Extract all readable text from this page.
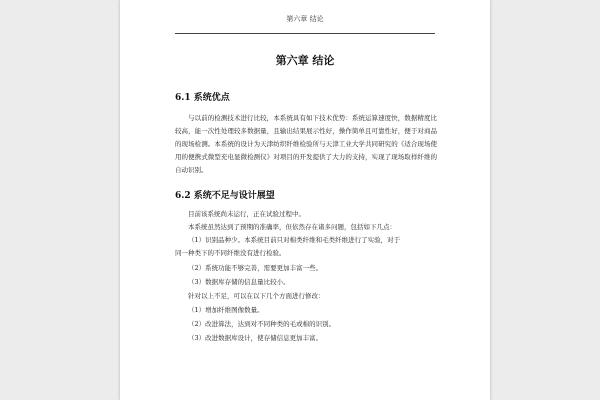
第六章 结论
第六章 结论
6.1 系统优点
与以前的检测技术进行比较，本系统具有如下技术优势：系统运算速度快，数据精度比较高，能一次性处理较多数据量，且输出结果展示性好，操作简单且可靠性好，便于对商品的现场检测。本系统的设计为天津纺织纤维检验所与天津工业大学共同研究的《适合现场使用的便携式微型充电显微检测仪》对项目的开发提供了大力的支持，实现了现场取样纤维的自动识别。
6.2 系统不足与设计展望
目前该系统尚未运行，正在试验过程中。
本系统虽然达到了预期的准确率，但依然存在诸多问题，包括如下几点：
（1）识别品种少。本系统目前只对棉类纤维和毛类纤维进行了实验，对于
同一种类下的不同纤维没有进行检验。
（2）系统功能不够完善，需要更加丰富一些。
（3）数据库存储的信息量比较小。
针对以上不足，可以在以下几个方面进行修改：
（1）增加纤维图像数量。
（2）改进算法，达到对不同种类的毛或棉的识别。
（3）改进数据库设计，使存储信息更加丰富。
